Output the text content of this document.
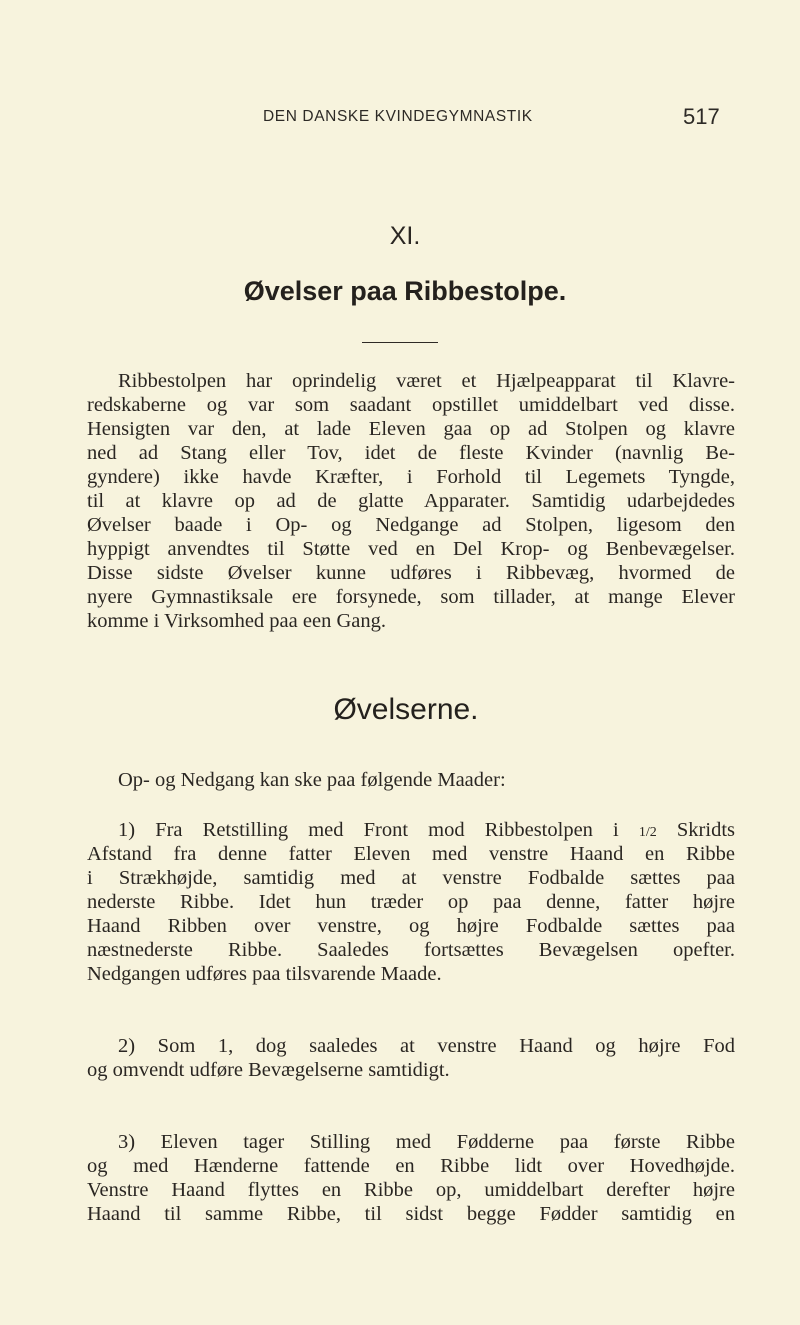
DEN DANSKE KVINDEGYMNASTIK	517
XI.
Øvelser paa Ribbestolpe.
Ribbestolpen har oprindelig været et Hjælpeapparat til Klavre-
redskaberne og var som saadant opstillet umiddelbart ved disse.
Hensigten var den, at lade Eleven gaa op ad Stolpen og klavre
ned ad Stang eller Tov, idet de fleste Kvinder (navnlig Be-
gyndere) ikke havde Kræfter, i Forhold til Legemets Tyngde,
til at klavre op ad de glatte Apparater. Samtidig udarbejdedes
Øvelser baade i Op- og Nedgange ad Stolpen, ligesom den
hyppigt anvendtes til Støtte ved en Del Krop- og Benbevægelser.
Disse sidste Øvelser kunne udføres i Ribbevæg, hvormed de
nyere Gymnastiksale ere forsynede, som tillader, at mange Elever
komme i Virksomhed paa een Gang.
Øvelserne.
Op- og Nedgang kan ske paa følgende Maader:
1) Fra Retstilling med Front mod Ribbestolpen i 1/2 Skridts
Afstand fra denne fatter Eleven med venstre Haand en Ribbe
i Strækhøjde, samtidig med at venstre Fodbalde sættes paa
nederste Ribbe. Idet hun træder op paa denne, fatter højre
Haand Ribben over venstre, og højre Fodbalde sættes paa
næstnederste Ribbe. Saaledes fortsættes Bevægelsen opefter.
Nedgangen udføres paa tilsvarende Maade.
2) Som 1, dog saaledes at venstre Haand og højre Fod
og omvendt udføre Bevægelserne samtidigt.
3) Eleven tager Stilling med Fødderne paa første Ribbe
og med Hænderne fattende en Ribbe lidt over Hovedhøjde.
Venstre Haand flyttes en Ribbe op, umiddelbart derefter højre
Haand til samme Ribbe, til sidst begge Fødder samtidig en
